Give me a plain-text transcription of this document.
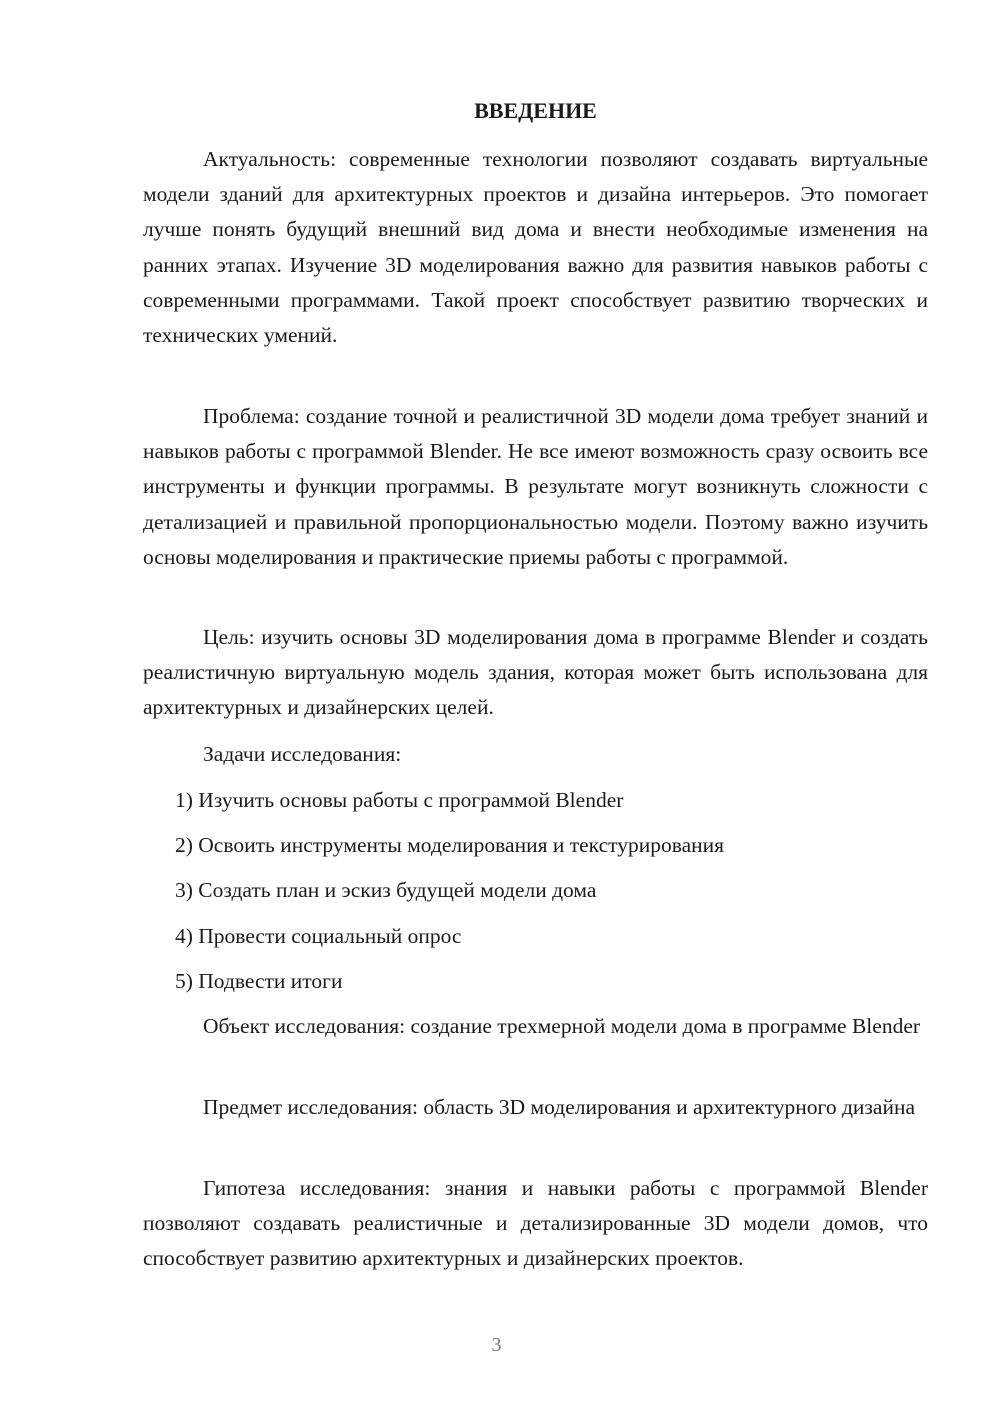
ВВЕДЕНИЕ

Актуальность: современные технологии позволяют создавать виртуальные модели зданий для архитектурных проектов и дизайна интерьеров. Это помогает лучше понять будущий внешний вид дома и внести необходимые изменения на ранних этапах. Изучение 3D моделирования важно для развития навыков работы с современными программами. Такой проект способствует развитию творческих и технических умений.

Проблема: создание точной и реалистичной 3D модели дома требует знаний и навыков работы с программой Blender. Не все имеют возможность сразу освоить все инструменты и функции программы. В результате могут возникнуть сложности с детализацией и правильной пропорциональностью модели. Поэтому важно изучить основы моделирования и практические приемы работы с программой.

Цель: изучить основы 3D моделирования дома в программе Blender и создать реалистичную виртуальную модель здания, которая может быть использована для архитектурных и дизайнерских целей.

Задачи исследования:

1) Изучить основы работы с программой Blender
2) Освоить инструменты моделирования и текстурирования
3) Создать план и эскиз будущей модели дома
4) Провести социальный опрос
5) Подвести итоги

Объект исследования: создание трехмерной модели дома в программе Blender

Предмет исследования: область 3D моделирования и архитектурного дизайна

Гипотеза исследования: знания и навыки работы с программой Blender позволяют создавать реалистичные и детализированные 3D модели домов, что способствует развитию архитектурных и дизайнерских проектов.

3
